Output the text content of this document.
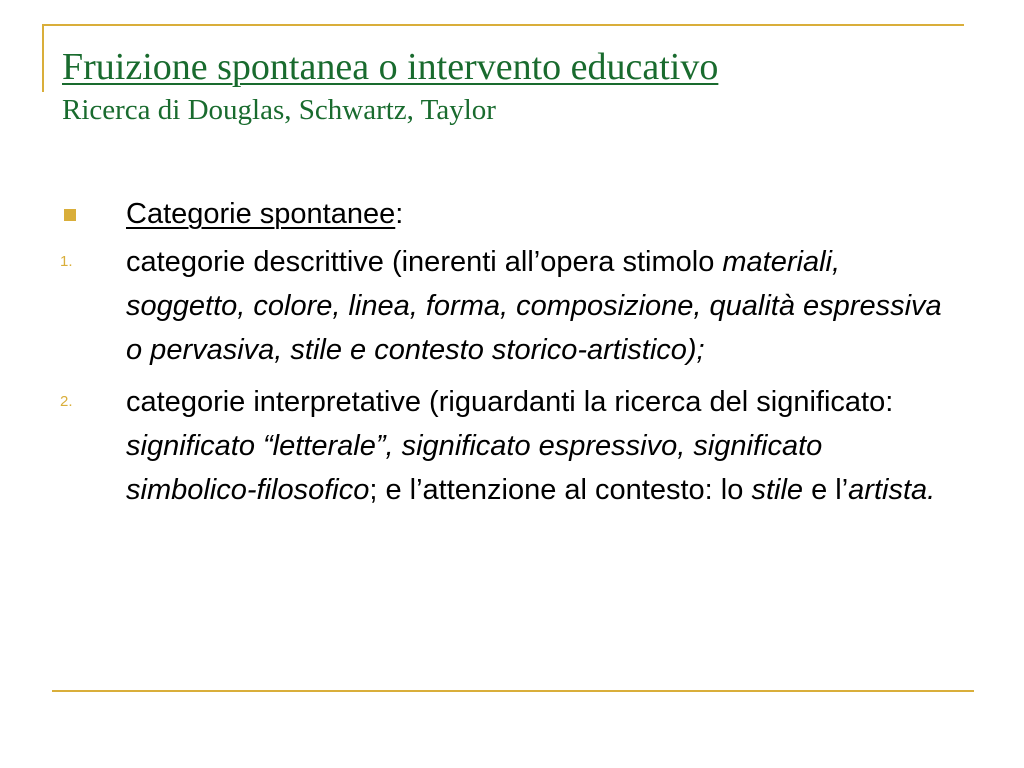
Fruizione spontanea o intervento educativo
Ricerca di Douglas, Schwartz, Taylor
Categorie spontanee:
1. categorie descrittive (inerenti all’opera stimolo materiali, soggetto, colore, linea, forma, composizione, qualità espressiva o pervasiva, stile e contesto storico-artistico);
2. categorie interpretative (riguardanti la ricerca del significato: significato “letterale”, significato espressivo, significato simbolico-filosofico; e l’attenzione al contesto: lo stile e l’artista.
